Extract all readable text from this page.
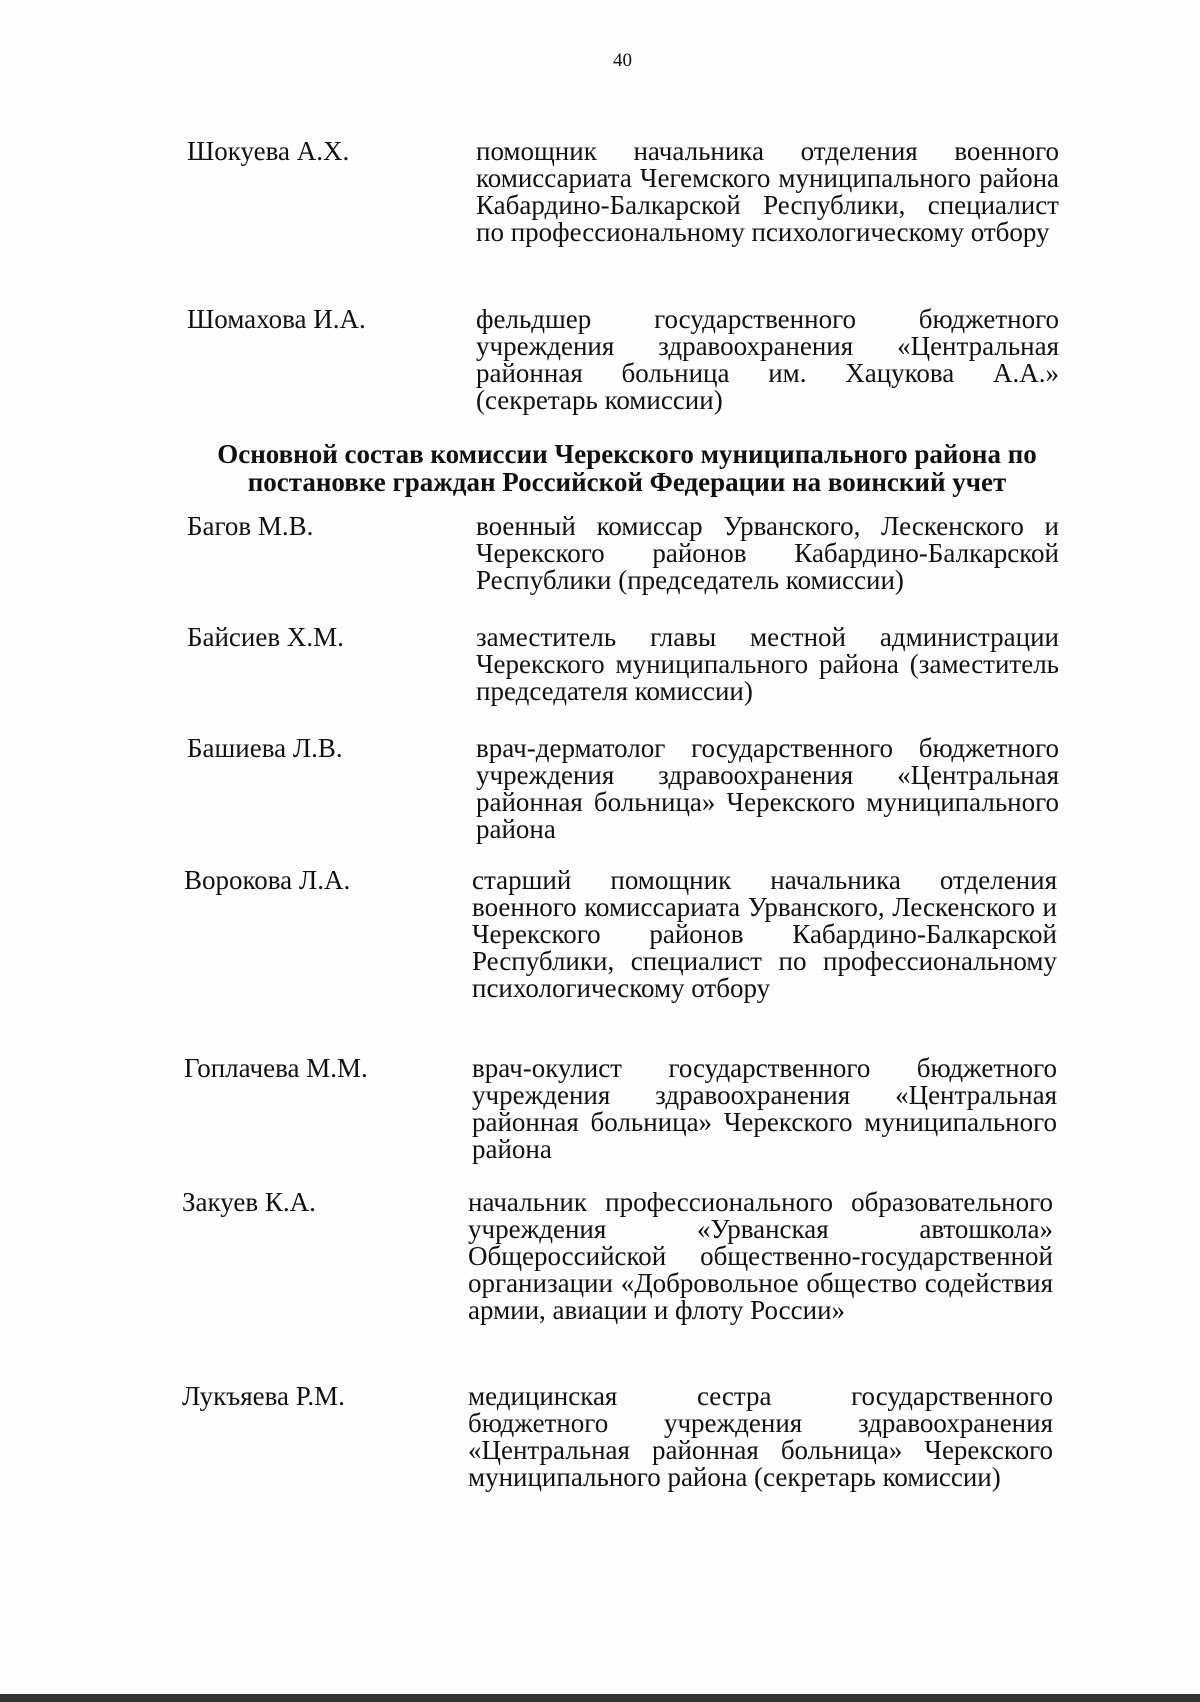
40
Шокуева А.Х.	помощник начальника отделения военного комиссариата Чегемского муниципального района Кабардино-Балкарской Республики, специалист по профессиональному психологическому отбору
Шомахова И.А.	фельдшер государственного бюджетного учреждения здравоохранения «Центральная районная больница им. Хацукова А.А.» (секретарь комиссии)
Основной состав комиссии Черекского муниципального района по постановке граждан Российской Федерации на воинский учет
Багов М.В.	военный комиссар Урванского, Лескенского и Черекского районов Кабардино-Балкарской Республики (председатель комиссии)
Байсиев Х.М.	заместитель главы местной администрации Черекского муниципального района (заместитель председателя комиссии)
Башиева Л.В.	врач-дерматолог государственного бюджетного учреждения здравоохранения «Центральная районная больница» Черекского муниципального района
Ворокова Л.А.	старший помощник начальника отделения военного комиссариата Урванского, Лескенского и Черекского районов Кабардино-Балкарской Республики, специалист по профессиональному психологическому отбору
Гоплачева М.М.	врач-окулист государственного бюджетного учреждения здравоохранения «Центральная районная больница» Черекского муниципального района
Закуев К.А.	начальник профессионального образовательного учреждения «Урванская автошкола» Общероссийской общественно-государственной организации «Добровольное общество содействия армии, авиации и флоту России»
Лукъяева Р.М.	медицинская сестра государственного бюджетного учреждения здравоохранения «Центральная районная больница» Черекского муниципального района (секретарь комиссии)
